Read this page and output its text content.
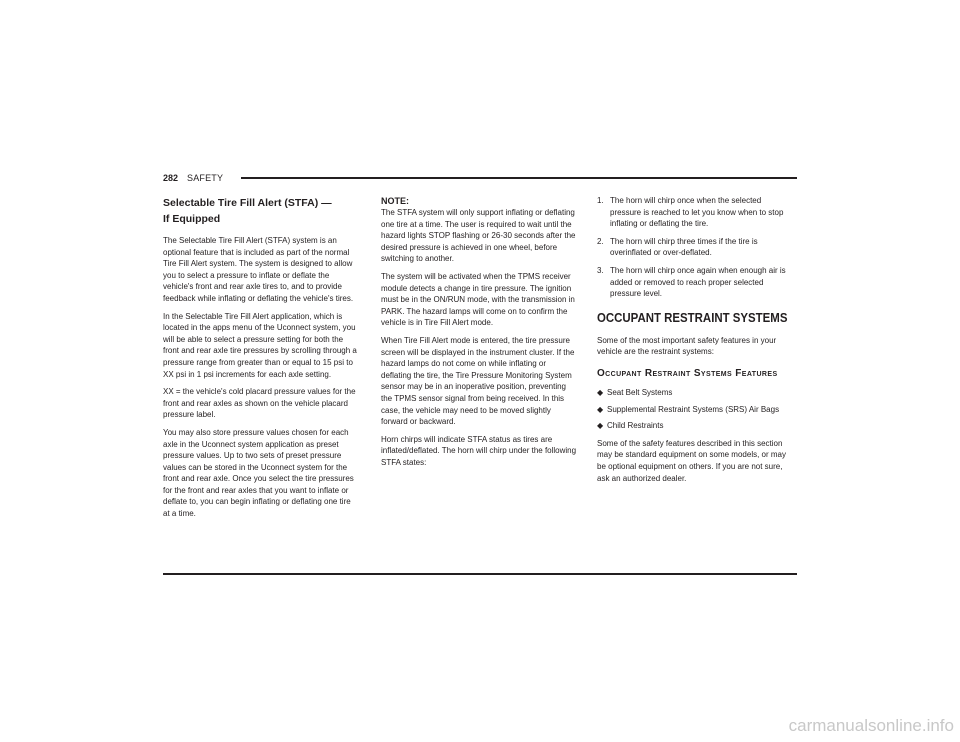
282 SAFETY
Selectable Tire Fill Alert (STFA) —
If Equipped

The Selectable Tire Fill Alert (STFA) system is an optional feature that is included as part of the normal Tire Fill Alert system. The system is designed to allow you to select a pressure to inflate or deflate the vehicle's front and rear axle tires to, and to provide feedback while inflating or deflating the vehicle's tires.

In the Selectable Tire Fill Alert application, which is located in the apps menu of the Uconnect system, you will be able to select a pressure setting for both the front and rear axle tire pressures by scrolling through a pressure range from greater than or equal to 15 psi to XX psi in 1 psi increments for each axle setting.

XX = the vehicle's cold placard pressure values for the front and rear axles as shown on the vehicle placard pressure label.

You may also store pressure values chosen for each axle in the Uconnect system application as preset pressure values. Up to two sets of preset pressure values can be stored in the Uconnect system for the front and rear axle. Once you select the tire pressures for the front and rear axles that you want to inflate or deflate to, you can begin inflating or deflating one tire at a time.

NOTE:

The STFA system will only support inflating or deflating one tire at a time. The user is required to wait until the hazard lights STOP flashing or 26-30 seconds after the desired pressure is achieved in one wheel, before switching to another.

The system will be activated when the TPMS receiver module detects a change in tire pressure. The ignition must be in the ON/RUN mode, with the transmission in PARK. The hazard lamps will come on to confirm the vehicle is in Tire Fill Alert mode.

When Tire Fill Alert mode is entered, the tire pressure screen will be displayed in the instrument cluster. If the hazard lamps do not come on while inflating or deflating the tire, the Tire Pressure Monitoring System sensor may be in an inoperative position, preventing the TPMS sensor signal from being received. In this case, the vehicle may need to be moved slightly forward or backward.

Horn chirps will indicate STFA status as tires are inflated/deflated. The horn will chirp under the following STFA states:

1. The horn will chirp once when the selected pressure is reached to let you know when to stop inflating or deflating the tire.
2. The horn will chirp three times if the tire is overinflated or over-deflated.
3. The horn will chirp once again when enough air is added or removed to reach proper selected pressure level.
OCCUPANT RESTRAINT SYSTEMS

Some of the most important safety features in your vehicle are the restraint systems:

Occupant Restraint Systems Features
◆ Seat Belt Systems
◆ Supplemental Restraint Systems (SRS) Air Bags
◆ Child Restraints

Some of the safety features described in this section may be standard equipment on some models, or may be optional equipment on others. If you are not sure, ask an authorized dealer.

carmanualsonline.info
